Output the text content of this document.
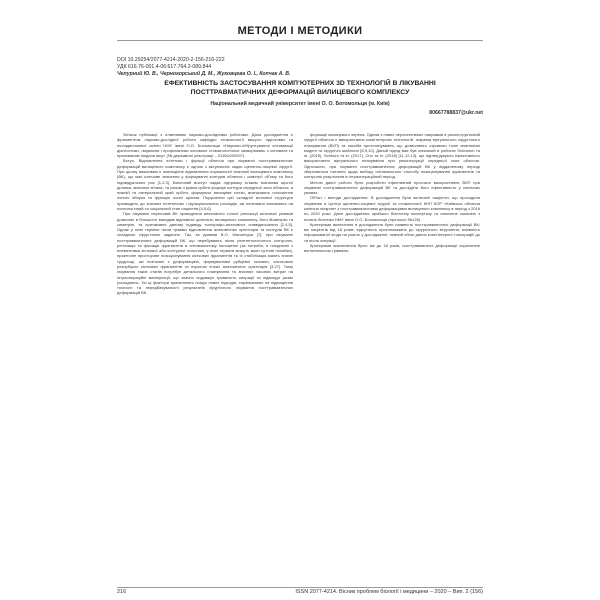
МЕТОДИ І МЕТОДИКИ
DOI 10.29254/2077-4214-2020-2-156-216-222
УДК 616.76-001.4-06:617.764.2-089.844
Чепурний Ю. В., Черногорський Д. М., Жуковцева О. І., Копчак А. В.
ЕФЕКТИВНІСТЬ ЗАСТОСУВАННЯ КОМП’ЮТЕРНИХ 3D ТЕХНОЛОГІЙ В ЛІКУВАННІ
ПОСТТРАВМАТИЧНИХ ДЕФОРМАЦІЙ ВИЛИЦЕВОГО КОМПЛЕКСУ
Національний медичний університет імені О. О. Богомольця (м. Київ)
80667788837@ukr.net

Зв’язок публікації з плановими науково-дослідними роботами. Дана дослідження є фрагментом науково-дослідної роботи кафедри стоматології вищого підготовки та післядипломної освіти НМУ імені О.О. Богомольця «Науково-обґрунтування оптимізації діагностики, лікування і профілактики основних стоматологічних захворювань з основних та прихованим людини віку» (№ державної реєстрації – 0115U000907).

Вступ. Відновлення естетики і функції обличчя при лікуванні посттравматичних деформацій вилицевого комплексу є одною з актуальних задач щелепно-лицевої хірургії. При цьому важливим є повноцінне відновлення нормальної анатомії вилицевого комплексу (ВК), що має ключове значення у формуванні контурів обличчя і симетрії об’єму та його індивідуальних рис [1,2,3]. Виличний виступ надає підтримку м’яким тканинам щічної ділянки, мімічних м’язах, та разом з краєм орбіти формує контури середньої зони обличчя, а нижній та латеральний край орбіти, формуючи вилицеве кістки, визначають положення очного яблука та функцію очної щілини. Порушення цієї складної кісткової структури призводить до значних естетичних і функціональних розладів, які негативно впливають на психологічний та соціальний стан пацієнтів [4,5,6].

При лікуванні переломів ВК проведення анатомічно точної репозиції кісткових уламків дозволяє в більшості випадків відновити цілісність вилицевого комплексу, його біометрію та симетрію, та притаманні даному індивіду топографо-анатомічні співвідношення [2,4,5]. Однак у пізні терміни після травми відновлення анатомічних орієнтирів та контурів ВК є складною хірургічною задачею. Так, за даними В.О. Маланчука [7], при лікуванні посттравматичних деформацій ВК, що перебувають після рентгенологічного контролю, репозиція та фіксація фрагментів в оптимальному положенні (за потреби, в поєднанні з елементами кісткової або контурної пластики, у пізні терміни можуть мати суттєві похибки), практичне просторове позиціонування кісткових фрагментів та їх стабілізація мають значні труднощі, які пов’язані з деформацією, формуванням рубцевої тканини, частковою резорбцією кісткових фрагментів та втратою чітких анатомічних орієнтирів [3,27]. Тому лікування таких станів потребує детального планування та значних часових витрат на інтраопераційні маніпуляції, що значно подовжує тривалість операції та підвищує ризик ускладнень. Усі ці фактори зумовлюють пошук нових підходів, спрямованих на підвищення точності та передбачуваності результатів хірургічного лікування посттравматичних деформацій ВК.

формації вилицевого черепа. Одним з нових перспективних напрямків в реконструктивній хірургії обличчя є використання комп’ютерних технологій, зокрема віртуального хірургічного планування (ВХП) та засобів прототипування, що дозволяють отримати точні анатомічні моделі та хірургічні шаблони [8,9,10]. Даний підхід вже був описаний в роботах Schramm та ін. (2015), Scheurs та ін. (2017), Cho та ін. (2018) [11,12,13], що підтверджують ефективність використання віртуального планування при реконструкції середньої зони обличчя. Одночасно, при лікуванні посттравматичних деформацій ВК у віддаленому періоді зберігаються питання щодо вибору оптимального способу позиціонування фрагментів та контролю результатів в інтраопераційний період.

Метою даної роботи було розробити ефективний протокол використання ВХП при лікуванні посттравматичних деформацій ВК та дослідити його ефективність у клінічних умовах.

Об’єкт і методи дослідження. В дослідження були включені пацієнти, що проходили лікування в Центрі щелепно-лицевої хірургії та стоматології КНП КОР «Київська обласна клінічна лікарня» з посттравматичними деформаціями вилицевого комплексу в період з 2016 по 2020 роки. Дане дослідження пройшло біоетичну експертизу та схвалене комісією з питань біоетики НМУ імені О.О. Богомольця (протокол №126).

Критеріями включення в дослідження були наявність посттравматичної деформації ВК; вік пацієнтів від 18 років; відсутність протипоказань до хірургічного втручання; наявність інформованої згоди на участь у дослідженні; повний обсяг даних комп’ютерної томографії до та після операції.

Критеріями виключення були: вік до 18 років, посттравматичні деформації спричинені вогнепальною травмою.

216	ISSN 2077-4214. Вісник проблем біології і медицини – 2020 – Вип. 2 (156)
